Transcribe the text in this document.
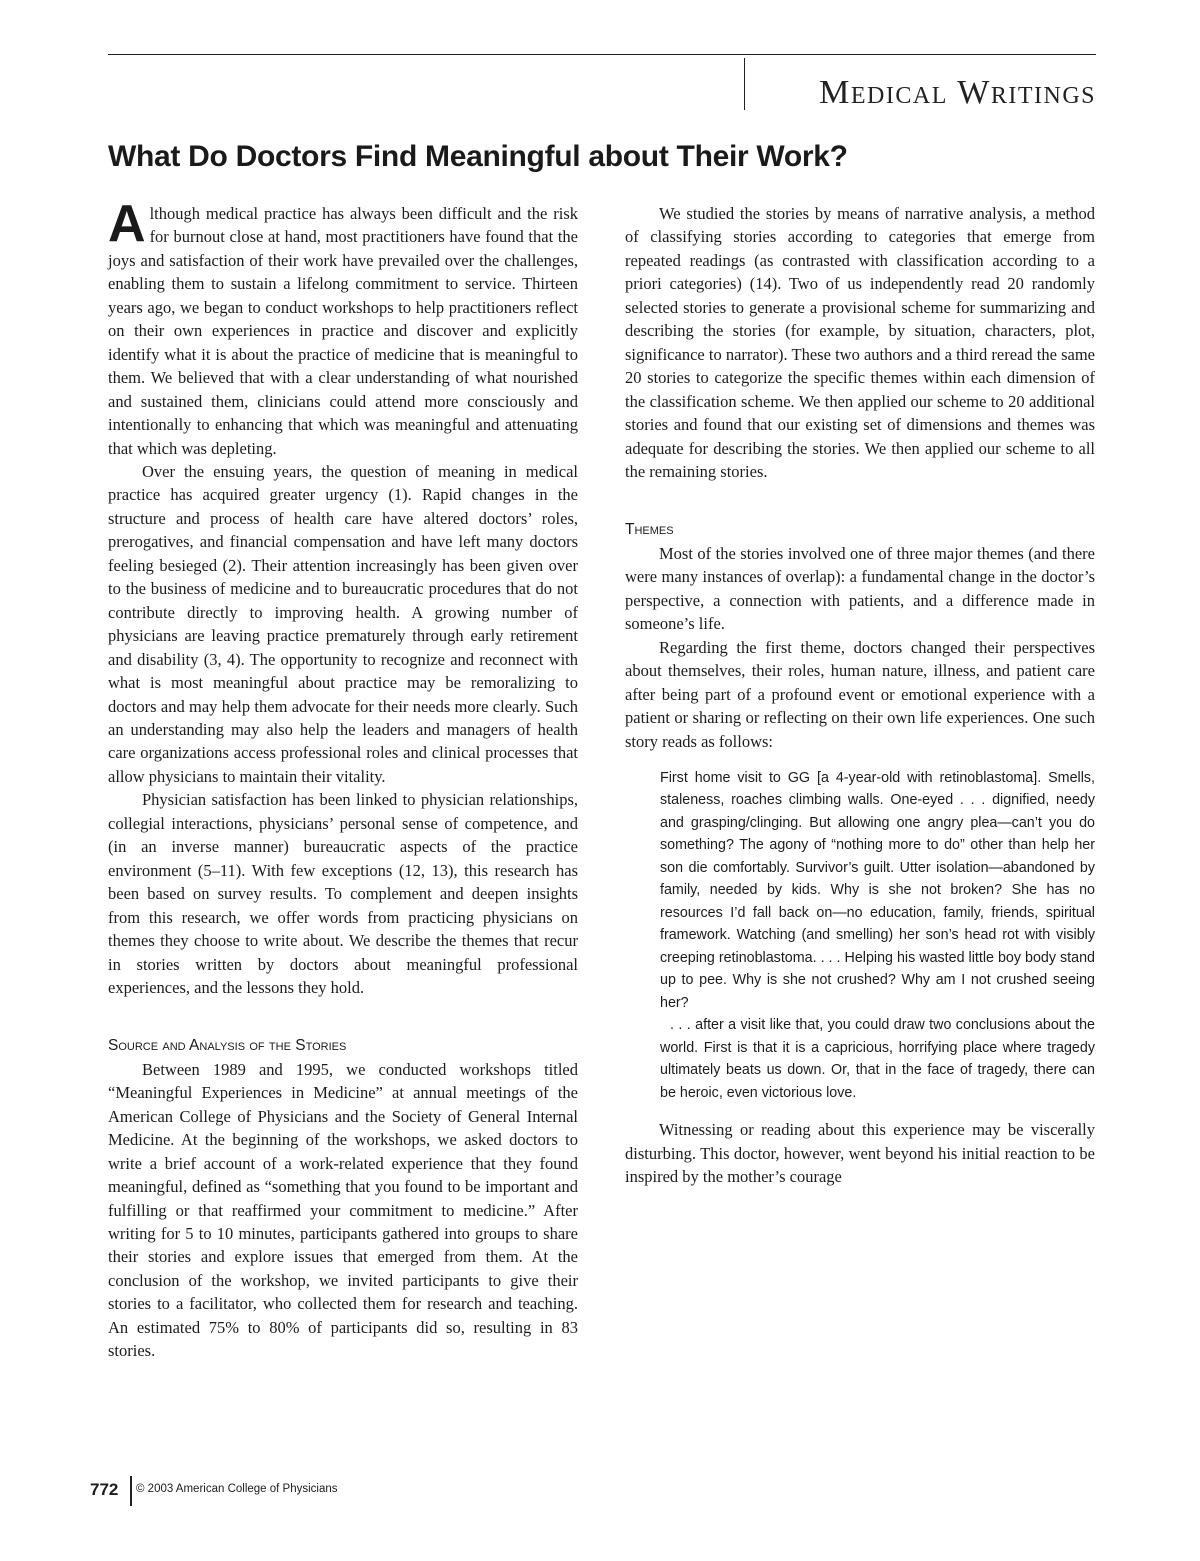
Medical Writings
What Do Doctors Find Meaningful about Their Work?

Although medical practice has always been difficult and the risk for burnout close at hand, most practitioners have found that the joys and satisfaction of their work have prevailed over the challenges, enabling them to sustain a lifelong commitment to service. Thirteen years ago, we began to conduct workshops to help practitioners reflect on their own experiences in practice and discover and explicitly identify what it is about the practice of medicine that is meaningful to them. We believed that with a clear understanding of what nourished and sustained them, clinicians could attend more consciously and intentionally to enhancing that which was meaningful and attenuating that which was depleting.

Over the ensuing years, the question of meaning in medical practice has acquired greater urgency (1). Rapid changes in the structure and process of health care have altered doctors’ roles, prerogatives, and financial compensation and have left many doctors feeling besieged (2). Their attention increasingly has been given over to the business of medicine and to bureaucratic procedures that do not contribute directly to improving health. A growing number of physicians are leaving practice prematurely through early retirement and disability (3, 4). The opportunity to recognize and reconnect with what is most meaningful about practice may be remoralizing to doctors and may help them advocate for their needs more clearly. Such an understanding may also help the leaders and managers of health care organizations access professional roles and clinical processes that allow physicians to maintain their vitality.

Physician satisfaction has been linked to physician relationships, collegial interactions, physicians’ personal sense of competence, and (in an inverse manner) bureaucratic aspects of the practice environment (5–11). With few exceptions (12, 13), this research has been based on survey results. To complement and deepen insights from this research, we offer words from practicing physicians on themes they choose to write about. We describe the themes that recur in stories written by doctors about meaningful professional experiences, and the lessons they hold.

Source and Analysis of the Stories

Between 1989 and 1995, we conducted workshops titled “Meaningful Experiences in Medicine” at annual meetings of the American College of Physicians and the Society of General Internal Medicine. At the beginning of the workshops, we asked doctors to write a brief account of a work-related experience that they found meaningful, defined as “something that you found to be important and fulfilling or that reaffirmed your commitment to medicine.” After writing for 5 to 10 minutes, participants gathered into groups to share their stories and explore issues that emerged from them. At the conclusion of the workshop, we invited participants to give their stories to a facilitator, who collected them for research and teaching. An estimated 75% to 80% of participants did so, resulting in 83 stories.

We studied the stories by means of narrative analysis, a method of classifying stories according to categories that emerge from repeated readings (as contrasted with classification according to a priori categories) (14). Two of us independently read 20 randomly selected stories to generate a provisional scheme for summarizing and describing the stories (for example, by situation, characters, plot, significance to narrator). These two authors and a third reread the same 20 stories to categorize the specific themes within each dimension of the classification scheme. We then applied our scheme to 20 additional stories and found that our existing set of dimensions and themes was adequate for describing the stories. We then applied our scheme to all the remaining stories.

Themes

Most of the stories involved one of three major themes (and there were many instances of overlap): a fundamental change in the doctor’s perspective, a connection with patients, and a difference made in someone’s life.

Regarding the first theme, doctors changed their perspectives about themselves, their roles, human nature, illness, and patient care after being part of a profound event or emotional experience with a patient or sharing or reflecting on their own life experiences. One such story reads as follows:

First home visit to GG [a 4-year-old with retinoblastoma]. Smells, staleness, roaches climbing walls. One-eyed . . . dignified, needy and grasping/clinging. But allowing one angry plea—can’t you do something? The agony of “nothing more to do” other than help her son die comfortably. Survivor’s guilt. Utter isolation—abandoned by family, needed by kids. Why is she not broken? She has no resources I’d fall back on—no education, family, friends, spiritual framework. Watching (and smelling) her son’s head rot with visibly creeping retinoblastoma. . . . Helping his wasted little boy body stand up to pee. Why is she not crushed? Why am I not crushed seeing her?

. . . after a visit like that, you could draw two conclusions about the world. First is that it is a capricious, horrifying place where tragedy ultimately beats us down. Or, that in the face of tragedy, there can be heroic, even victorious love.

Witnessing or reading about this experience may be viscerally disturbing. This doctor, however, went beyond his initial reaction to be inspired by the mother’s courage

772 © 2003 American College of Physicians
